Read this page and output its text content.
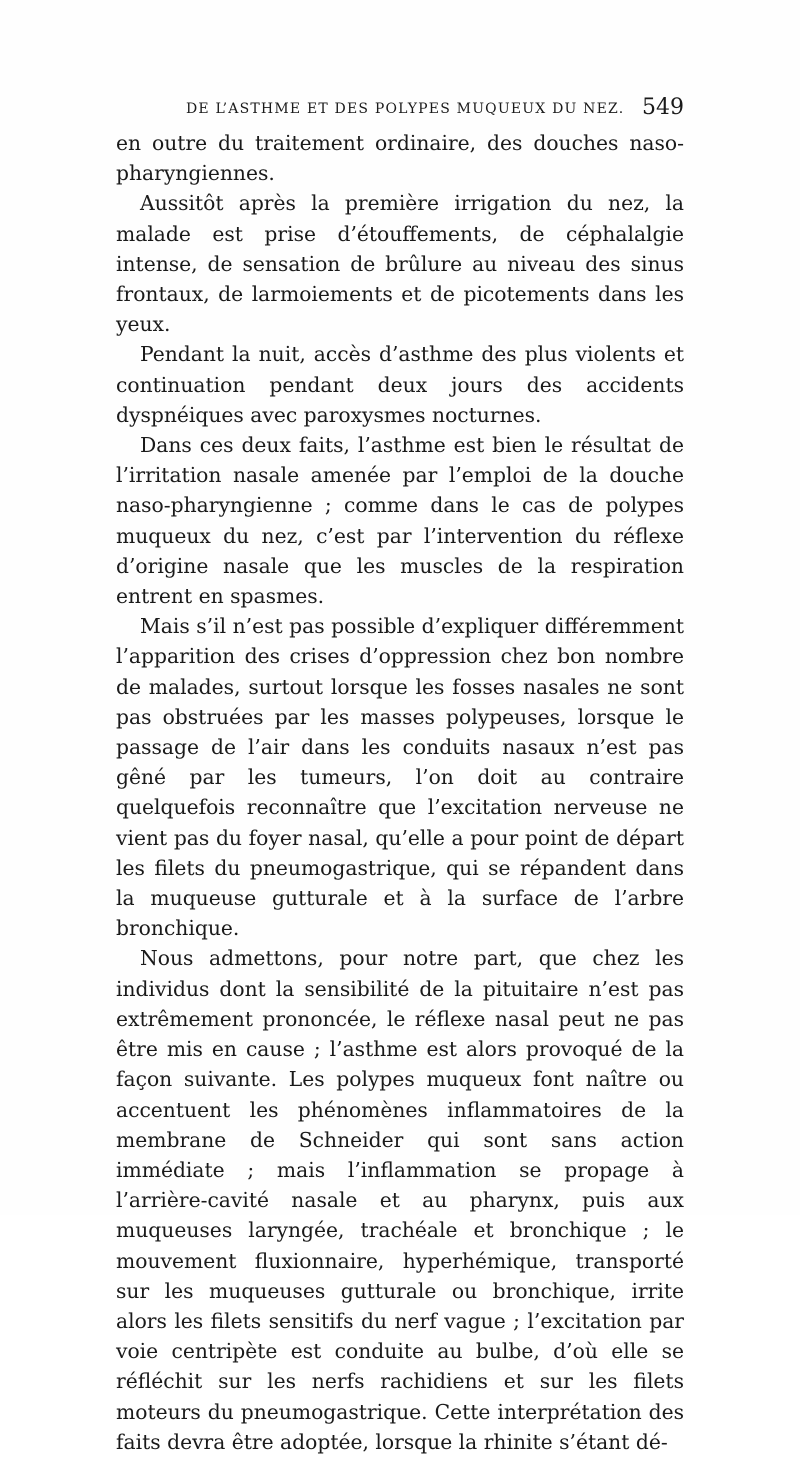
DE L’ASTHME ET DES POLYPES MUQUEUX DU NEZ. 549

en outre du traitement ordinaire, des douches naso-pharyngiennes.

Aussitôt après la première irrigation du nez, la malade est prise d’étouffements, de céphalalgie intense, de sensation de brûlure au niveau des sinus frontaux, de larmoiements et de picotements dans les yeux.

Pendant la nuit, accès d’asthme des plus violents et continuation pendant deux jours des accidents dyspnéiques avec paroxysmes nocturnes.

Dans ces deux faits, l’asthme est bien le résultat de l’irritation nasale amenée par l’emploi de la douche naso-pharyngienne ; comme dans le cas de polypes muqueux du nez, c’est par l’intervention du réflexe d’origine nasale que les muscles de la respiration entrent en spasmes.

Mais s’il n’est pas possible d’expliquer différemment l’apparition des crises d’oppression chez bon nombre de malades, surtout lorsque les fosses nasales ne sont pas obstruées par les masses polypeuses, lorsque le passage de l’air dans les conduits nasaux n’est pas gêné par les tumeurs, l’on doit au contraire quelquefois reconnaître que l’excitation nerveuse ne vient pas du foyer nasal, qu’elle a pour point de départ les filets du pneumogastrique, qui se répandent dans la muqueuse gutturale et à la surface de l’arbre bronchique.

Nous admettons, pour notre part, que chez les individus dont la sensibilité de la pituitaire n’est pas extrêmement prononcée, le réflexe nasal peut ne pas être mis en cause ; l’asthme est alors provoqué de la façon suivante. Les polypes muqueux font naître ou accentuent les phénomènes inflammatoires de la membrane de Schneider qui sont sans action immédiate ; mais l’inflammation se propage à l’arrière-cavité nasale et au pharynx, puis aux muqueuses laryngée, trachéale et bronchique ; le mouvement fluxionnaire, hyperhémique, transporté sur les muqueuses gutturale ou bronchique, irrite alors les filets sensitifs du nerf vague ; l’excitation par voie centripète est conduite au bulbe, d’où elle se réfléchit sur les nerfs rachidiens et sur les filets moteurs du pneumogastrique. Cette interprétation des faits devra être adoptée, lorsque la rhinite s’étant dé-
